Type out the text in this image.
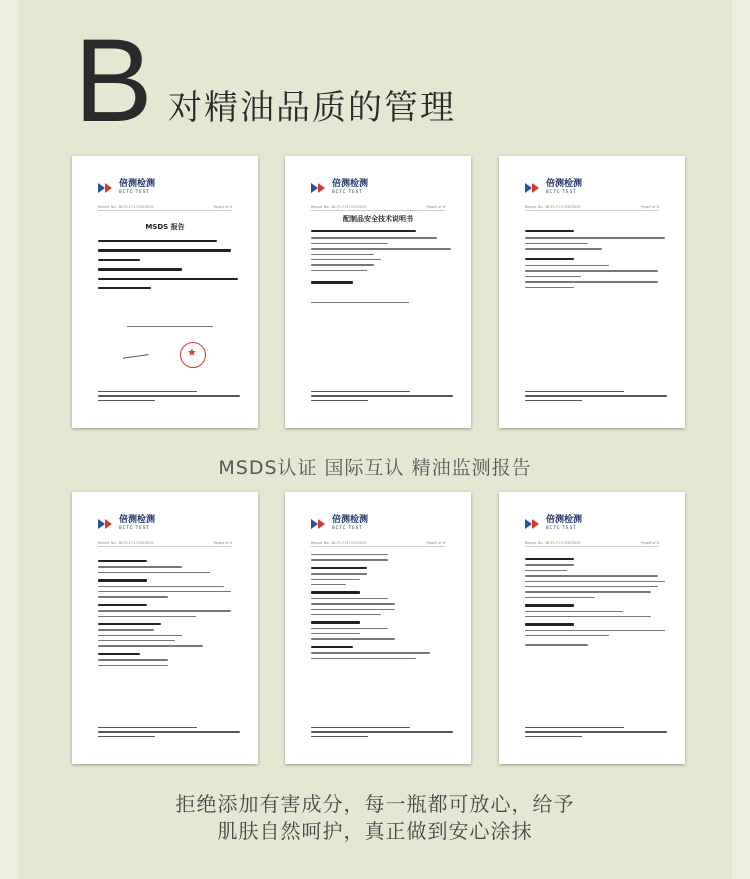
B 对精油品质的管理
倍测检测
BCTC TEST
Report No.: BCTC-FY170303019	Page1 of 6
MSDS 报告
★
倍测检测
BCTC TEST
Report No.: BCTC-FY170303019	Page2 of 6
配制品安全技术说明书
倍测检测
BCTC TEST
Report No.: BCTC-FY170303019	Page3 of 6
MSDS认证 国际互认 精油监测报告
倍测检测
BCTC TEST
Report No.: BCTC-FY170303019	Page4 of 6
倍测检测
BCTC TEST
Report No.: BCTC-FY170303019	Page5 of 6
倍测检测
BCTC TEST
Report No.: BCTC-FY170303019	Page6 of 6
拒绝添加有害成分，每一瓶都可放心，给予
肌肤自然呵护，真正做到安心涂抹
